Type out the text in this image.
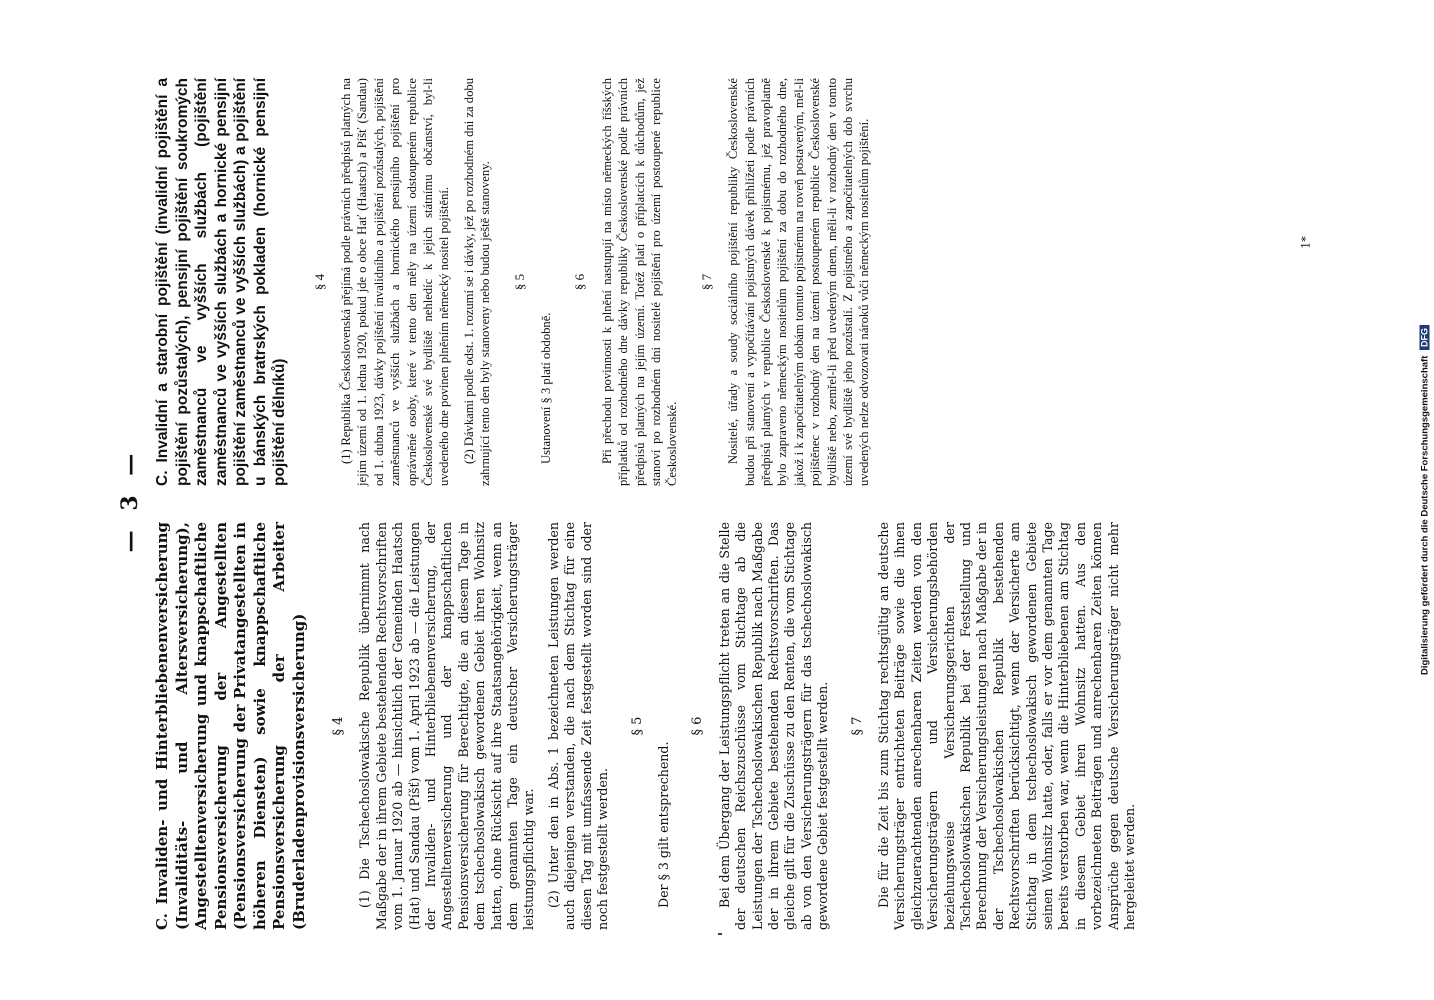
— 3 —
C. Invaliden- und Hinterbliebenenversicherung (Invaliditäts- und Altersversicherung), Angestelltenversicherung und knappschaftliche Pensionsversicherung der Angestellten (Pensionsversicherung der Privatangestellten in höheren Diensten) sowie knappschaftliche Pensionsversicherung der Arbeiter (Bruderladenprovisionsversicherung) § 4 (1) Die Tschechoslowakische Republik übernimmt nach Maßgabe der in ihrem Gebiete bestehenden Rechtsvorschriften vom 1. Januar 1920 ab — hinsichtlich der Gemeinden Haatsch (Hat) und Sandau (Píšť) vom 1. April 1923 ab — die Leistungen der Invaliden- und Hinterbliebenenversicherung, der Angestelltenversicherung und der knappschaftlichen Pensionsversicherung für Berechtigte, die an diesem Tage in dem tschechoslowakisch gewordenen Gebiet ihren Wohnsitz hatten, ohne Rücksicht auf ihre Staatsangehörigkeit, wenn an dem genannten Tage ein deutscher Versicherungsträger leistungspflichtig war. (2) Unter den in Abs. 1 bezeichneten Leistungen werden auch diejenigen verstanden, die nach dem Stichtag für eine diesen Tag mit umfassende Zeit festgestellt worden sind oder noch festgestellt werden.
§ 5
Der § 3 gilt entsprechend.
§ 6 Bei dem Übergang der Leistungspflicht treten an die Stelle der deutschen Reichszuschüsse vom Stichtage ab die Leistungen der Tschechoslowakischen Republik nach Maßgabe der in ihrem Gebiete bestehenden Rechtsvorschriften. Das gleiche gilt für die Zuschüsse zu den Renten, die vom Stichtage ab von den Versicherungsträgern für das tschechoslowakisch gewordene Gebiet festgestellt werden. § 7 Die für die Zeit bis zum Stichtag rechtsgültig an deutsche Versicherungsträger entrichteten Beiträge sowie die ihnen gleichzuerachtenden anrechenbaren Zeiten werden von den Versicherungsträgern und Versicherungsbehörden beziehungsweise Versicherungsgerichten der Tschechoslowakischen Republik bei der Feststellung und Berechnung der Versicherungsleistungen nach Maßgabe der in der Tschechoslowakischen Republik bestehenden Rechtsvorschriften berücksichtigt, wenn der Versicherte am Stichtag in dem tschechoslowakisch gewordenen Gebiete seinen Wohnsitz hatte, oder, falls er vor dem genannten Tage bereits verstorben war, wenn die Hinterbliebenen am Stichtag in diesem Gebiet ihren Wohnsitz hatten. Aus den vorbezeichneten Beiträgen und anrechenbaren Zeiten können Ansprüche gegen deutsche Versicherungsträger nicht mehr hergeleitet werden.
C. Invalidní a starobní pojištění (invalidní pojištění a pojištění pozůstalých), pensijní pojištění soukromých zaměstnanců ve vyšších službách (pojištění zaměstnanců ve vyšších službách a hornické pensijní pojištění zaměstnanců ve vyšších službách) a pojištění u bánských bratrských pokladen (hornické pensijní pojištění dělníků)
§ 4 (1) Republika Československá přejímá podle právních předpisů platných na jejím území od 1. ledna 1920, pokud jde o obce Hať (Haatsch) a Píšť (Sandau) od 1. dubna 1923, dávky pojištění invalidního a pojištění pozůstalých, pojištění zaměstnanců ve vyšších službách a hornického pensijního pojištění pro oprávněné osoby, které v tento den měly na území odstoupeném republice Československé své bydliště nehledíc k jejich státnímu občanství, byl-li uvedeného dne povinen plněním německý nositel pojištění. (2) Dávkami podle odst. 1. rozumí se i dávky, jež po rozhodném dni za dobu zahrnující tento den byly stanoveny nebo budou ještě stanoveny. § 5
Ustanovení § 3 platí obdobně.
§ 6 Při přechodu povinnosti k plnění nastupují na místo německých říšských příplatků od rozhodného dne dávky republiky Československé podle právních předpisů platných na jejím území. Totéž platí o příplatcích k důchodům, jež stanoví po rozhodném dni nositelé pojištění pro území postoupené republice Československé.
§ 7 Nositelé, úřady a soudy sociálního pojištění republiky Československé budou při stanovení a vypočítávání pojistných dávek přihlížeti podle právních předpisů platných v republice Československé k pojistnému, jež pravoplatně bylo zapraveno německým nositelům pojištění za dobu do rozhodného dne, jakož i k započitatelným dobám tomuto pojistnému na roveň postaveným, měl-li pojištěnec v rozhodný den na území postoupeném republice Československé bydliště nebo, zemřel-li před uvedeným dnem, měli-li v rozhodný den v tomto území své bydliště jeho pozůstalí. Z pojistného a započitatelných dob svrchu uvedených nelze odvozovati nároků vůči německým nositelům pojištění.	1*
Digitalisierung gefördert durch die Deutsche Forschungsgemeinschaft DFG
